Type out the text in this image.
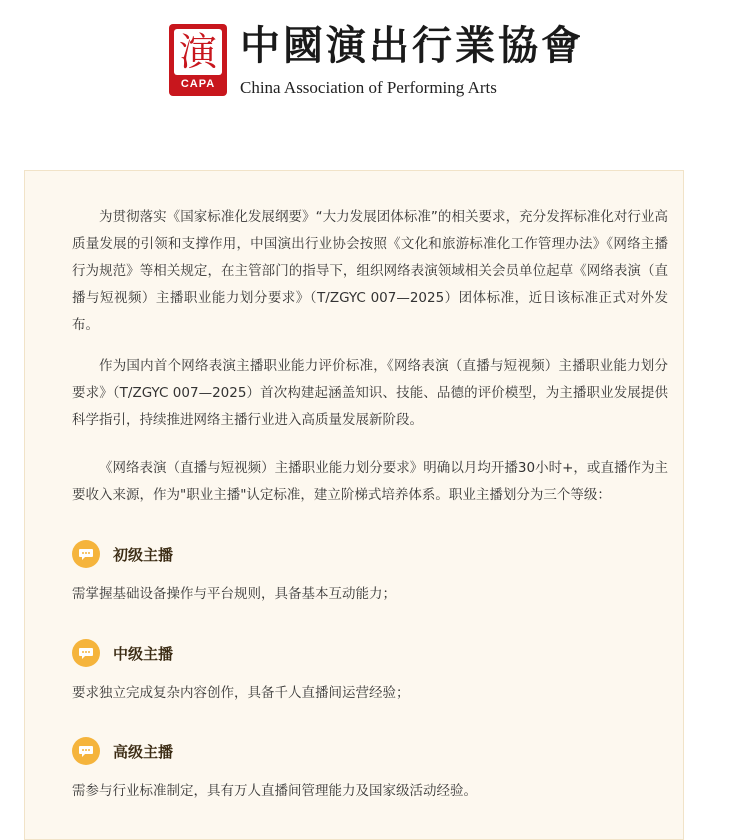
演
CAPA
中國演出行業協會
China Association of Performing Arts

为贯彻落实《国家标准化发展纲要》“大力发展团体标准”的相关要求，充分发挥标准化对行业高质量发展的引领和支撑作用，中国演出行业协会按照《文化和旅游标准化工作管理办法》《网络主播行为规范》等相关规定，在主管部门的指导下，组织网络表演领域相关会员单位起草《网络表演（直播与短视频）主播职业能力划分要求》（T/ZGYC 007—2025）团体标准，近日该标准正式对外发布。

作为国内首个网络表演主播职业能力评价标准，《网络表演（直播与短视频）主播职业能力划分要求》（T/ZGYC 007—2025）首次构建起涵盖知识、技能、品德的评价模型，为主播职业发展提供科学指引，持续推进网络主播行业进入高质量发展新阶段。

《网络表演（直播与短视频）主播职业能力划分要求》明确以月均开播30小时+，或直播作为主要收入来源，作为"职业主播"认定标准，建立阶梯式培养体系。职业主播划分为三个等级：

初级主播

需掌握基础设备操作与平台规则，具备基本互动能力；

中级主播

要求独立完成复杂内容创作，具备千人直播间运营经验；

高级主播

需参与行业标准制定，具有万人直播间管理能力及国家级活动经验。
